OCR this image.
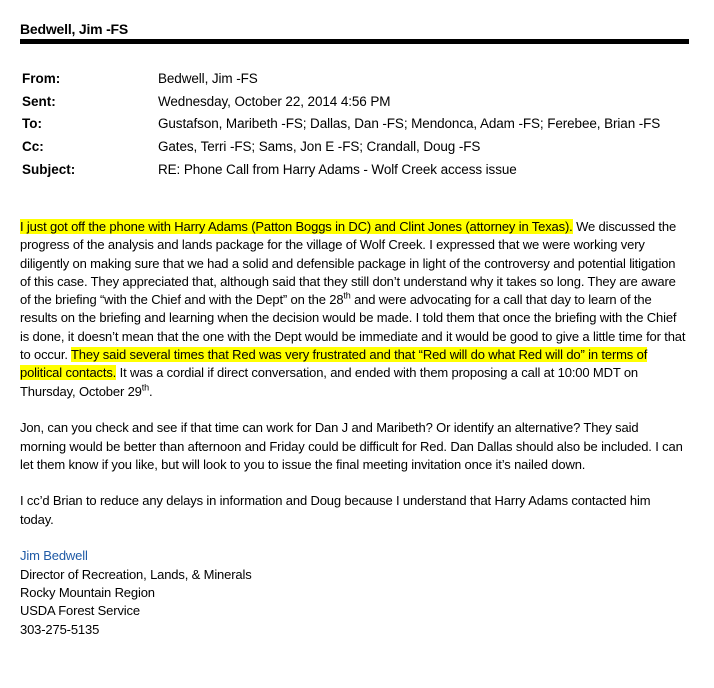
Bedwell, Jim -FS
From:	Bedwell, Jim -FS
Sent:	Wednesday, October 22, 2014 4:56 PM
To:	Gustafson, Maribeth -FS; Dallas, Dan -FS; Mendonca, Adam -FS; Ferebee, Brian -FS
Cc:	Gates, Terri -FS; Sams, Jon E -FS; Crandall, Doug -FS
Subject:	RE: Phone Call from Harry Adams - Wolf Creek access issue

I just got off the phone with Harry Adams (Patton Boggs in DC) and Clint Jones (attorney in Texas). We discussed the progress of the analysis and lands package for the village of Wolf Creek. I expressed that we were working very diligently on making sure that we had a solid and defensible package in light of the controversy and potential litigation of this case. They appreciated that, although said that they still don’t understand why it takes so long. They are aware of the briefing “with the Chief and with the Dept” on the 28th and were advocating for a call that day to learn of the results on the briefing and learning when the decision would be made. I told them that once the briefing with the Chief is done, it doesn’t mean that the one with the Dept would be immediate and it would be good to give a little time for that to occur. They said several times that Red was very frustrated and that “Red will do what Red will do” in terms of political contacts. It was a cordial if direct conversation, and ended with them proposing a call at 10:00 MDT on Thursday, October 29th.

Jon, can you check and see if that time can work for Dan J and Maribeth? Or identify an alternative? They said morning would be better than afternoon and Friday could be difficult for Red. Dan Dallas should also be included. I can let them know if you like, but will look to you to issue the final meeting invitation once it’s nailed down.

I cc’d Brian to reduce any delays in information and Doug because I understand that Harry Adams contacted him today.

Jim Bedwell
Director of Recreation, Lands, & Minerals
Rocky Mountain Region
USDA Forest Service
303-275-5135
